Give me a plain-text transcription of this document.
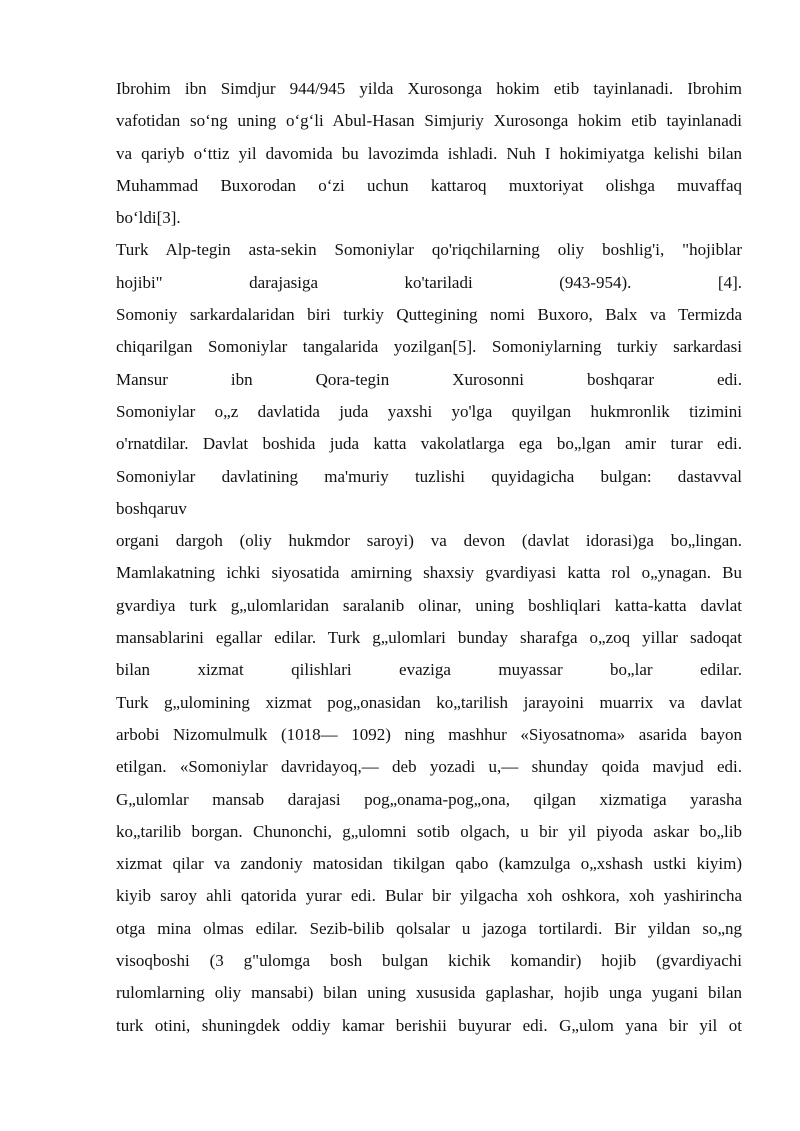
Ibrohim ibn Simdjur 944/945 yilda Xurosonga hokim etib tayinlanadi. Ibrohim
vafotidan so‘ng uning o‘g‘li Abul-Hasan Simjuriy Xurosonga hokim etib tayinlanadi
va qariyb o‘ttiz yil davomida bu lavozimda ishladi. Nuh I hokimiyatga kelishi bilan
Muhammad Buxorodan o‘zi uchun kattaroq muxtoriyat olishga muvaffaq
bo‘ldi[3].
Turk Alp-tegin asta-sekin Somoniylar qo'riqchilarning oliy boshlig'i, "hojiblar
hojibi" darajasiga ko'tariladi (943-954). [4].
Somoniy sarkardalaridan biri turkiy Quttegining nomi Buxoro, Balx va Termizda
chiqarilgan Somoniylar tangalarida yozilgan[5]. Somoniylarning turkiy sarkardasi
Mansur ibn Qora-tegin Xurosonni boshqarar edi.
Somoniylar o„z davlatida juda yaxshi yo'lga quyilgan hukmronlik tizimini
o'rnatdilar. Davlat boshida juda katta vakolatlarga ega bo„lgan amir turar edi.
Somoniylar davlatining ma'muriy tuzlishi quyidagicha bulgan: dastavval
boshqaruv
organi dargoh (oliy hukmdor saroyi) va devon (davlat idorasi)ga bo„lingan.
Mamlakatning ichki siyosatida amirning shaxsiy gvardiyasi katta rol o„ynagan. Bu
gvardiya turk g„ulomlaridan saralanib olinar, uning boshliqlari katta-katta davlat
mansablarini egallar edilar. Turk g„ulomlari bunday sharafga o„zoq yillar sadoqat
bilan xizmat qilishlari evaziga muyassar bo„lar edilar.
Turk g„ulomining xizmat pog„onasidan ko„tarilish jarayoini muarrix va davlat
arbobi Nizomulmulk (1018— 1092) ning mashhur «Siyosatnoma» asarida bayon
etilgan. «Somoniylar davridayoq,— deb yozadi u,— shunday qoida mavjud edi.
G„ulomlar mansab darajasi pog„onama-pog„ona, qilgan xizmatiga yarasha
ko„tarilib borgan. Chunonchi, g„ulomni sotib olgach, u bir yil piyoda askar bo„lib
xizmat qilar va zandoniy matosidan tikilgan qabo (kamzulga o„xshash ustki kiyim)
kiyib saroy ahli qatorida yurar edi. Bular bir yilgacha xoh oshkora, xoh yashirincha
otga mina olmas edilar. Sezib-bilib qolsalar u jazoga tortilardi. Bir yildan so„ng
visoqboshi (3 g"ulomga bosh bulgan kichik komandir) hojib (gvardiyachi
rulomlarning oliy mansabi) bilan uning xususida gaplashar, hojib unga yugani bilan
turk otini, shuningdek oddiy kamar berishii buyurar edi. G„ulom yana bir yil ot
